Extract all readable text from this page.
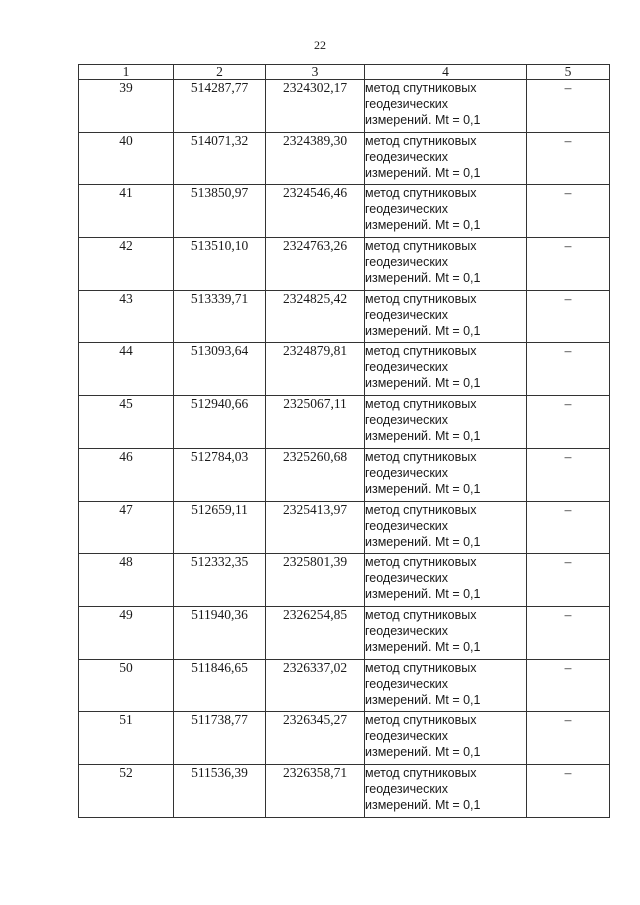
22
1	2	3	4	5
39	514287,77	2324302,17	метод спутниковых
геодезических
измерений. Mt = 0,1	–
40	514071,32	2324389,30	метод спутниковых
геодезических
измерений. Mt = 0,1	–
41	513850,97	2324546,46	метод спутниковых
геодезических
измерений. Mt = 0,1	–
42	513510,10	2324763,26	метод спутниковых
геодезических
измерений. Mt = 0,1	–
43	513339,71	2324825,42	метод спутниковых
геодезических
измерений. Mt = 0,1	–
44	513093,64	2324879,81	метод спутниковых
геодезических
измерений. Mt = 0,1	–
45	512940,66	2325067,11	метод спутниковых
геодезических
измерений. Mt = 0,1	–
46	512784,03	2325260,68	метод спутниковых
геодезических
измерений. Mt = 0,1	–
47	512659,11	2325413,97	метод спутниковых
геодезических
измерений. Mt = 0,1	–
48	512332,35	2325801,39	метод спутниковых
геодезических
измерений. Mt = 0,1	–
49	511940,36	2326254,85	метод спутниковых
геодезических
измерений. Mt = 0,1	–
50	511846,65	2326337,02	метод спутниковых
геодезических
измерений. Mt = 0,1	–
51	511738,77	2326345,27	метод спутниковых
геодезических
измерений. Mt = 0,1	–
52	511536,39	2326358,71	метод спутниковых
геодезических
измерений. Mt = 0,1	–
